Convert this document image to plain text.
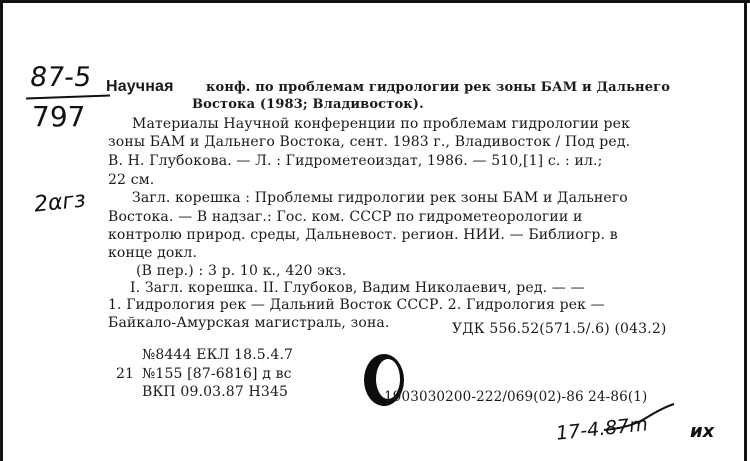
87-5
797
2αгз
Научная конф. по проблемам гидрологии рек зоны БАМ и Дальнего
Востока (1983; Владивосток).
Материалы Научной конференции по проблемам гидрологии рек
зоны БАМ и Дальнего Востока, сент. 1983 г., Владивосток / Под ред.
В. Н. Глубокова. — Л. : Гидрометеоиздат, 1986. — 510,[1] с. : ил.;
22 см.
Загл. корешка : Проблемы гидрологии рек зоны БАМ и Дальнего
Востока. — В надзаг.: Гос. ком. СССР по гидрометеорологии и
контролю природ. среды, Дальневост. регион. НИИ. — Библиогр. в
конце докл.
(В пер.) : 3 р. 10 к., 420 экз.
I. Загл. корешка. II. Глубоков, Вадим Николаевич, ред. — —
1. Гидрология рек — Дальний Восток СССР. 2. Гидрология рек —
Байкало-Амурская магистраль, зона.	УДК 556.52(571.5/.6) (043.2)
№8444 ЕКЛ 18.5.4.7
21 №155 [87-6816] д вс
ВКП 09.03.87 Н345	1903030200-222/069(02)-86 24-86(1)
17-4.87m их
